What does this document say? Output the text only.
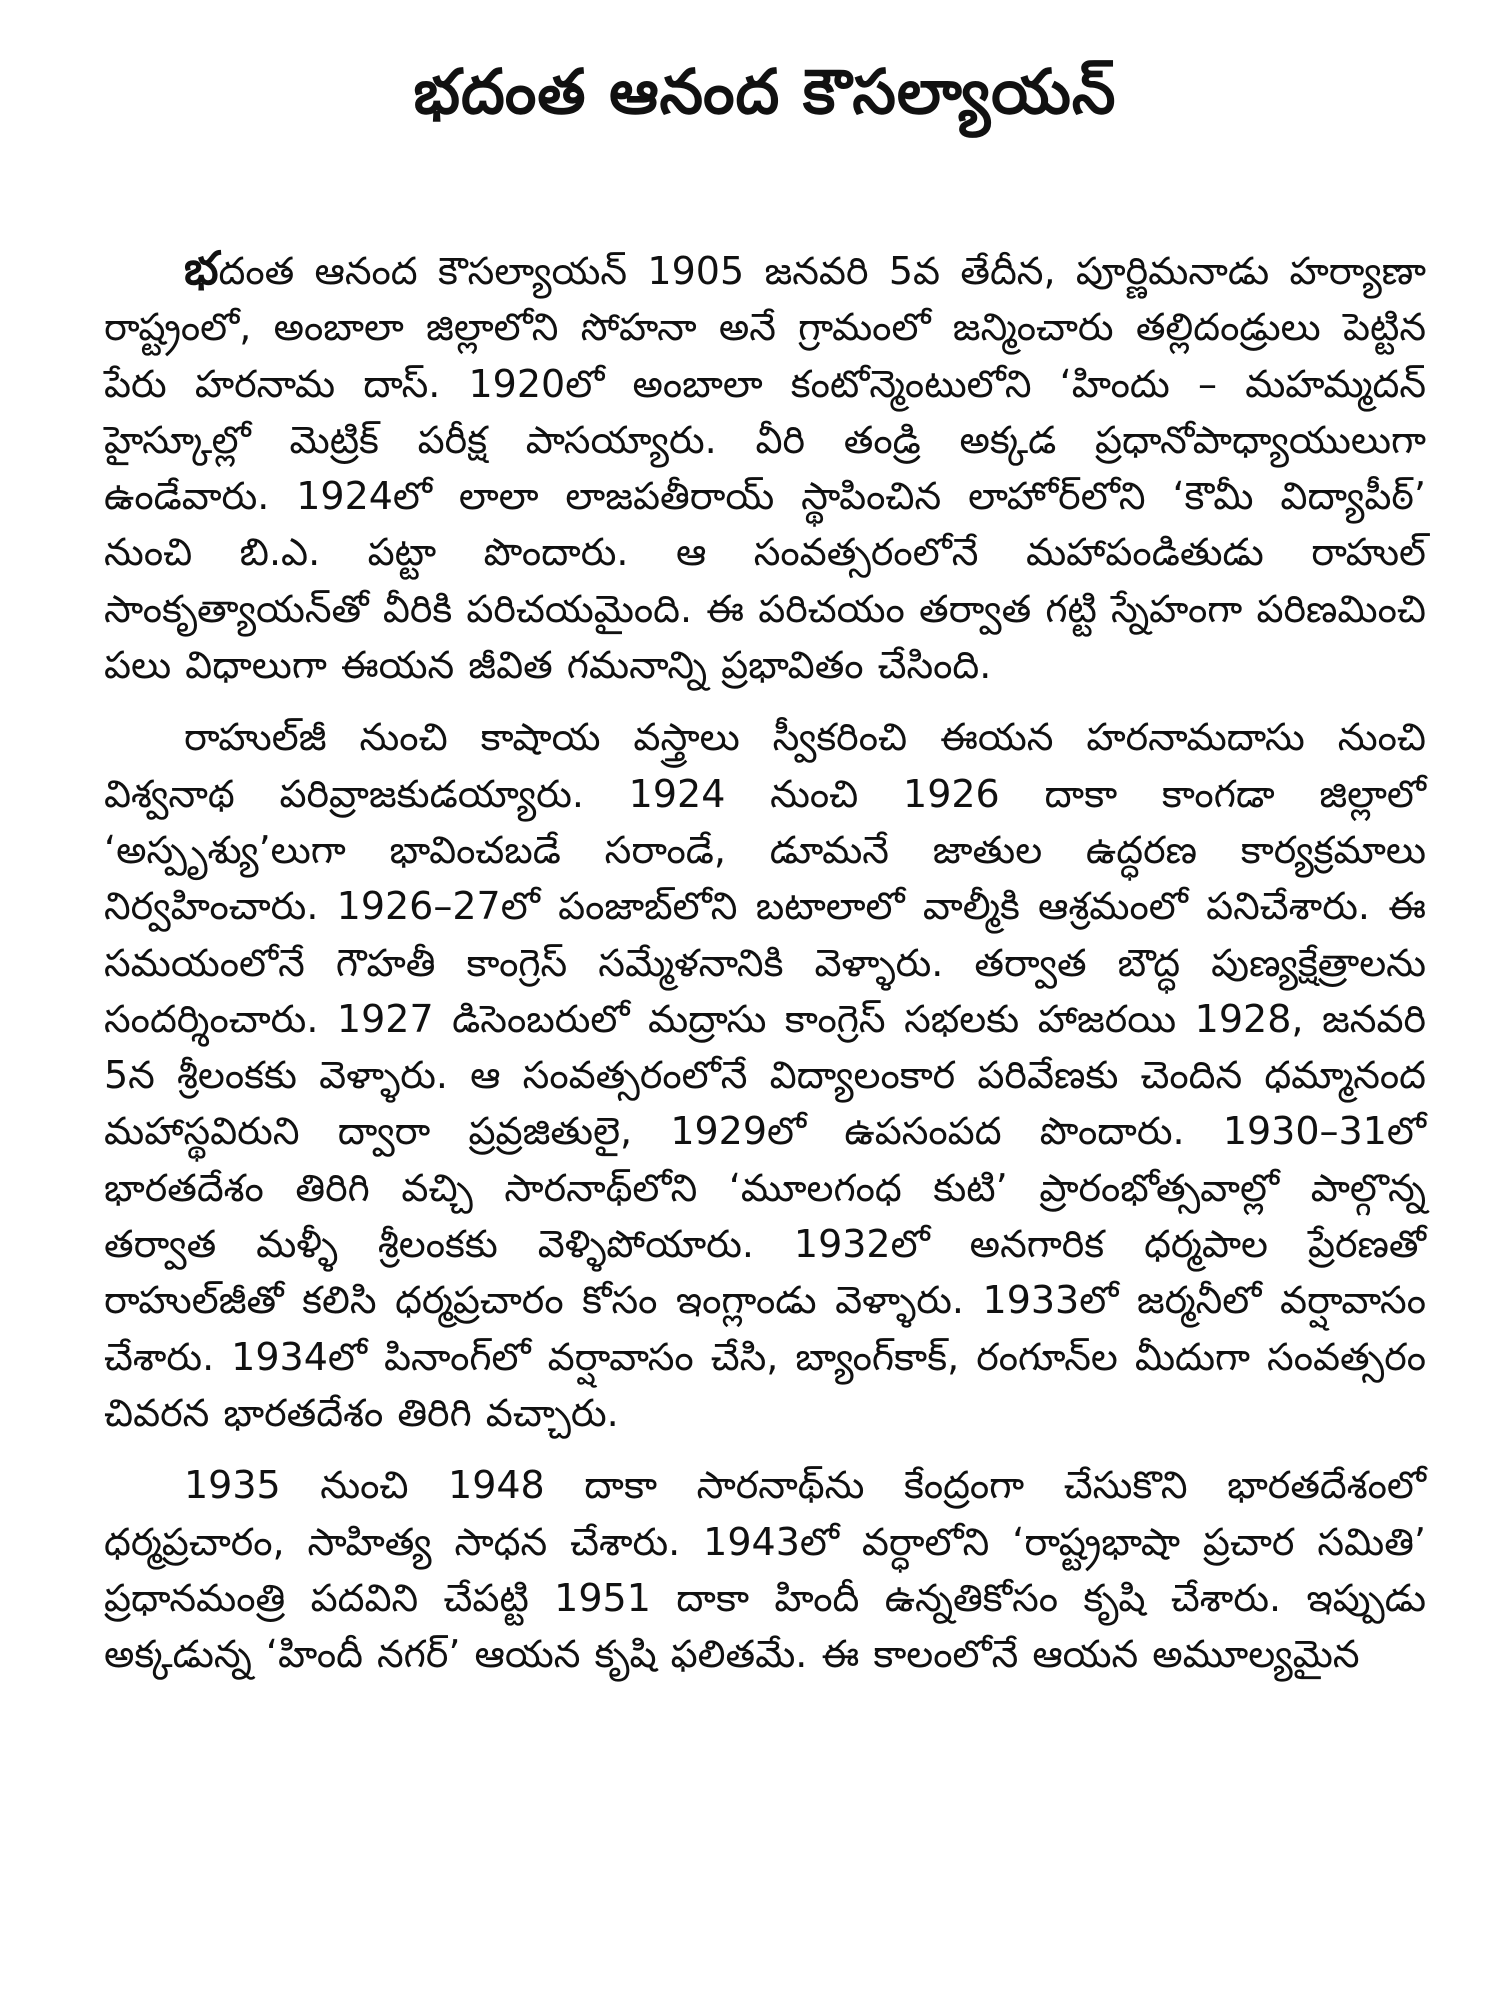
భదంత ఆనంద కౌసల్యాయన్

భదంత ఆనంద కౌసల్యాయన్ 1905 జనవరి 5వ తేదీన, పూర్ణిమనాడు హర్యాణా రాష్ట్రంలో, అంబాలా జిల్లాలోని సోహనా అనే గ్రామంలో జన్మించారు తల్లిదండ్రులు పెట్టిన పేరు హరనామ దాస్. 1920లో అంబాలా కంటోన్మెంటులోని ‘హిందు – మహమ్మదన్ హైస్కూల్లో మెట్రిక్ పరీక్ష పాసయ్యారు. వీరి తండ్రి అక్కడ ప్రధానోపాధ్యాయులుగా ఉండేవారు. 1924లో లాలా లాజపతీరాయ్ స్థాపించిన లాహోర్‌లోని ‘కౌమీ విద్యాపీఠ్’ నుంచి బి.ఎ. పట్టా పొందారు. ఆ సంవత్సరంలోనే మహాపండితుడు రాహుల్ సాంకృత్యాయన్‌తో వీరికి పరిచయమైంది. ఈ పరిచయం తర్వాత గట్టి స్నేహంగా పరిణమించి పలు విధాలుగా ఈయన జీవిత గమనాన్ని ప్రభావితం చేసింది.

రాహుల్‌జీ నుంచి కాషాయ వస్త్రాలు స్వీకరించి ఈయన హరనామదాసు నుంచి విశ్వనాథ పరివ్రాజకుడయ్యారు. 1924 నుంచి 1926 దాకా కాంగడా జిల్లాలో ‘అస్పృశ్యు’లుగా భావించబడే సరాండే, డూమనే జాతుల ఉద్ధరణ కార్యక్రమాలు నిర్వహించారు. 1926–27లో పంజాబ్‌లోని బటాలాలో వాల్మీకి ఆశ్రమంలో పనిచేశారు. ఈ సమయంలోనే గౌహతీ కాంగ్రెస్ సమ్మేళనానికి వెళ్ళారు. తర్వాత బౌద్ధ పుణ్యక్షేత్రాలను సందర్శించారు. 1927 డిసెంబరులో మద్రాసు కాంగ్రెస్ సభలకు హాజరయి 1928, జనవరి 5న శ్రీలంకకు వెళ్ళారు. ఆ సంవత్సరంలోనే విద్యాలంకార పరివేణకు చెందిన ధమ్మానంద మహాస్థవిరుని ద్వారా ప్రవ్రజితులై, 1929లో ఉపసంపద పొందారు. 1930–31లో భారతదేశం తిరిగి వచ్చి సారనాథ్‌లోని ‘మూలగంధ కుటి’ ప్రారంభోత్సవాల్లో పాల్గొన్న తర్వాత మళ్ళీ శ్రీలంకకు వెళ్ళిపోయారు. 1932లో అనగారిక ధర్మపాల ప్రేరణతో రాహుల్‌జీతో కలిసి ధర్మప్రచారం కోసం ఇంగ్లాండు వెళ్ళారు. 1933లో జర్మనీలో వర్షావాసం చేశారు. 1934లో పినాంగ్‌లో వర్షావాసం చేసి, బ్యాంగ్‌కాక్, రంగూన్‌ల మీదుగా సంవత్సరం చివరన భారతదేశం తిరిగి వచ్చారు.

1935 నుంచి 1948 దాకా సారనాథ్‌ను కేంద్రంగా చేసుకొని భారతదేశంలో ధర్మప్రచారం, సాహిత్య సాధన చేశారు. 1943లో వర్ధాలోని ‘రాష్ట్రభాషా ప్రచార సమితి’ ప్రధానమంత్రి పదవిని చేపట్టి 1951 దాకా హిందీ ఉన్నతికోసం కృషి చేశారు. ఇప్పుడు అక్కడున్న ‘హిందీ నగర్’ ఆయన కృషి ఫలితమే. ఈ కాలంలోనే ఆయన అమూల్యమైన
